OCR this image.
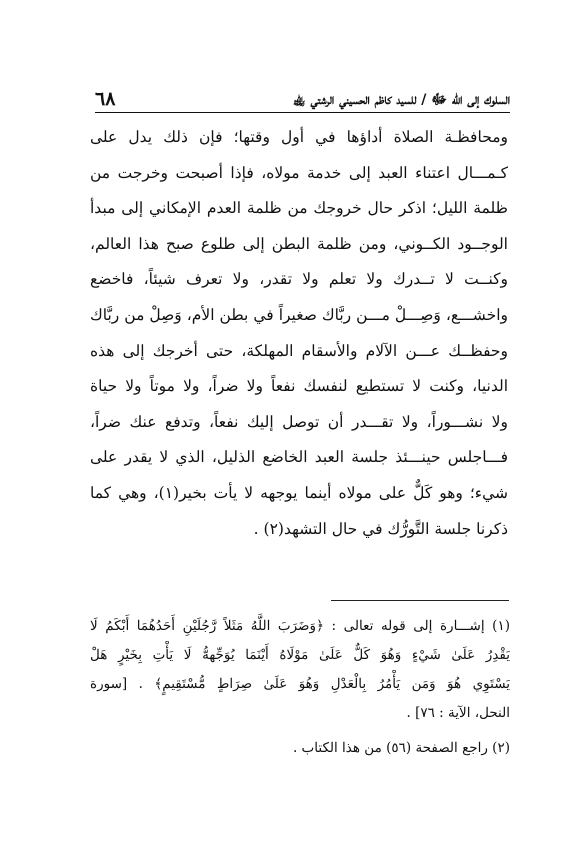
السلوك إلى الله ﷻ / للسيد كاظم الحسيني الرشتي ﵀
٦٨
ومحافظـة الصلاة أداؤها في أول وقتها؛ فإن ذلك يدل على
كـمـــال اعتناء العبد إلى خدمة مولاه، فإذا أصبحت وخرجت من
ظلمة الليل؛ اذكر حال خروجك من ظلمة العدم الإمكاني إلى مبدأ
الوجــود الكــوني، ومن ظلمة البطن إلى طلوع صبح هذا العالم،
وكنــت لا تــدرك ولا تعلم ولا تقدر، ولا تعرف شيئاً، فاخضع
واخشـــع، وَصِـــلْ مـــن ربَّاك صغيراً في بطن الأم، وَصِلْ من ربَّاك
وحفظــك عـــن الآلام والأسقام المهلكة، حتى أخرجك إلى هذه
الدنيا، وكنت لا تستطيع لنفسك نفعاً ولا ضراً، ولا موتاً ولا حياة
ولا نشـــوراً، ولا تقـــدر أن توصل إليك نفعاً، وتدفع عنك ضراً،
فـــاجلس حينـــئذ جلسة العبد الخاضع الذليل، الذي لا يقدر على
شيء؛ وهو كَلٌّ على مولاه أينما يوجهه لا يأت بخير(١)، وهي كما
ذكرنا جلسة التَّورُّك في حال التشهد(٢) .
(١) إشـــارة إلى قوله تعالى : ﴿وَضَرَبَ اللَّهُ مَثَلاً رَّجُلَيْنِ أَحَدُهُمَا أَبْكَمُ لَا
يَقْدِرُ عَلَىٰ شَيْءٍ وَهُوَ كَلٌّ عَلَىٰ مَوْلَاهُ أَيْنَمَا يُوَجِّههُّ لَا يَأْتِ بِخَيْرٍ هَلْ
يَسْتَوِي هُوَ وَمَن يَأْمُرُ بِالْعَدْلِ وَهُوَ عَلَىٰ صِرَاطٍ مُّسْتَقِيمٍ﴾ . [سورة
النحل، الآية : ٧٦] .
(٢) راجع الصفحة (٥٦) من هذا الكتاب .
